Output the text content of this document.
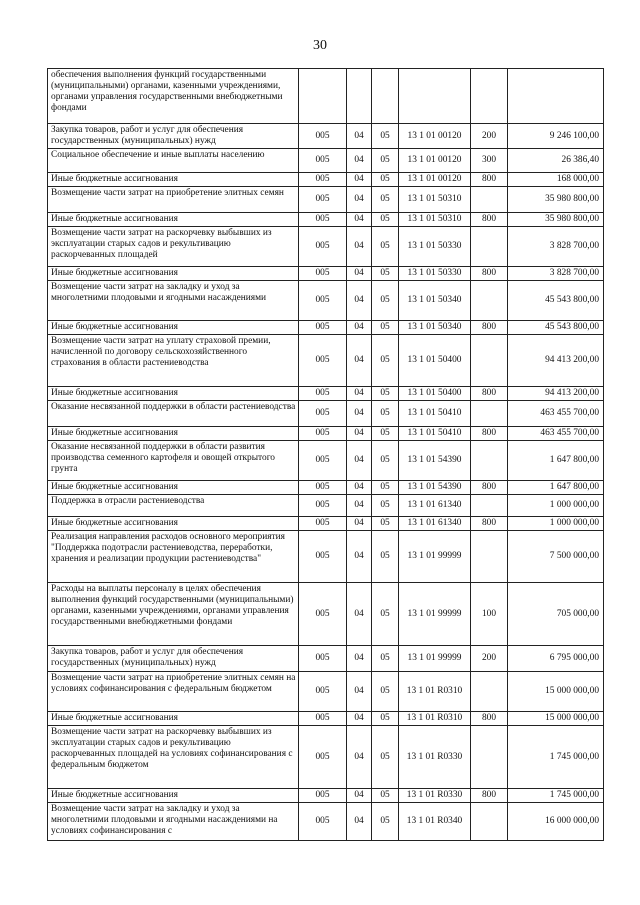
30
обеспечения выполнения функций государственными (муниципальными) органами, казенными учреждениями, органами управления государственными внебюджетными фондами						
Закупка товаров, работ и услуг для обеспечения государственных (муниципальных) нужд	005	04	05	13 1 01 00120	200	9 246 100,00
Социальное обеспечение и иные выплаты населению	005	04	05	13 1 01 00120	300	26 386,40
Иные бюджетные ассигнования	005	04	05	13 1 01 00120	800	168 000,00
Возмещение части затрат на приобретение элитных семян	005	04	05	13 1 01 50310		35 980 800,00
Иные бюджетные ассигнования	005	04	05	13 1 01 50310	800	35 980 800,00
Возмещение части затрат на раскорчевку выбывших из эксплуатации старых садов и рекультивацию раскорчеванных площадей	005	04	05	13 1 01 50330		3 828 700,00
Иные бюджетные ассигнования	005	04	05	13 1 01 50330	800	3 828 700,00
Возмещение части затрат на закладку и уход за многолетними плодовыми и ягодными насаждениями	005	04	05	13 1 01 50340		45 543 800,00
Иные бюджетные ассигнования	005	04	05	13 1 01 50340	800	45 543 800,00
Возмещение части затрат на уплату страховой премии, начисленной по договору сельскохозяйственного страхования в области растениеводства	005	04	05	13 1 01 50400		94 413 200,00
Иные бюджетные ассигнования	005	04	05	13 1 01 50400	800	94 413 200,00
Оказание несвязанной поддержки в области растениеводства	005	04	05	13 1 01 50410		463 455 700,00
Иные бюджетные ассигнования	005	04	05	13 1 01 50410	800	463 455 700,00
Оказание несвязанной поддержки в области развития производства семенного картофеля и овощей открытого грунта	005	04	05	13 1 01 54390		1 647 800,00
Иные бюджетные ассигнования	005	04	05	13 1 01 54390	800	1 647 800,00
Поддержка в отрасли растениеводства	005	04	05	13 1 01 61340		1 000 000,00
Иные бюджетные ассигнования	005	04	05	13 1 01 61340	800	1 000 000,00
Реализация направления расходов основного мероприятия "Поддержка подотрасли растениеводства, переработки, хранения и реализации продукции растениеводства"	005	04	05	13 1 01 99999		7 500 000,00
Расходы на выплаты персоналу в целях обеспечения выполнения функций государственными (муниципальными) органами, казенными учреждениями, органами управления государственными внебюджетными фондами	005	04	05	13 1 01 99999	100	705 000,00
Закупка товаров, работ и услуг для обеспечения государственных (муниципальных) нужд	005	04	05	13 1 01 99999	200	6 795 000,00
Возмещение части затрат на приобретение элитных семян на условиях софинансирования с федеральным бюджетом	005	04	05	13 1 01 R0310		15 000 000,00
Иные бюджетные ассигнования	005	04	05	13 1 01 R0310	800	15 000 000,00
Возмещение части затрат на раскорчевку выбывших из эксплуатации старых садов и рекультивацию раскорчеванных площадей на условиях софинансирования с федеральным бюджетом	005	04	05	13 1 01 R0330		1 745 000,00
Иные бюджетные ассигнования	005	04	05	13 1 01 R0330	800	1 745 000,00
Возмещение части затрат на закладку и уход за многолетними плодовыми и ягодными насаждениями на условиях софинансирования с	005	04	05	13 1 01 R0340		16 000 000,00
